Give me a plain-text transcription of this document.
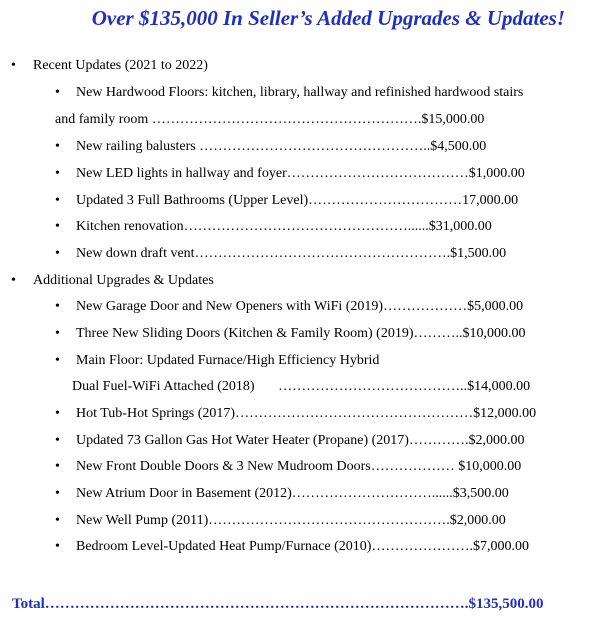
Over $135,000 In Seller’s Added Upgrades & Updates!
• Recent Updates (2021 to 2022)
• New Hardwood Floors: kitchen, library, hallway and refinished hardwood stairs
and family room ………………………………………………….$15,000.00
• New railing balusters …………………………………………..$4,500.00
• New LED lights in hallway and foyer…………………………………$1,000.00
• Updated 3 Full Bathrooms (Upper Level)……………………………17,000.00
• Kitchen renovation…………………………………………......$31,000.00
• New down draft vent……………………………………………….$1,500.00
• Additional Upgrades & Updates
• New Garage Door and New Openers with WiFi (2019)………………$5,000.00
• Three New Sliding Doors (Kitchen & Family Room) (2019)………..$10,000.00
• Main Floor: Updated Furnace/High Efficiency Hybrid
Dual Fuel-WiFi Attached (2018) …………………………………..$14,000.00
• Hot Tub-Hot Springs (2017)……………………………………………$12,000.00
• Updated 73 Gallon Gas Hot Water Heater (Propane) (2017)………….$2,000.00
• New Front Double Doors & 3 New Mudroom Doors……………… $10,000.00
• New Atrium Door in Basement (2012)…………………………......$3,500.00
• New Well Pump (2011)…………………………………………….$2,000.00
• Bedroom Level-Updated Heat Pump/Furnace (2010)………………….$7,000.00
Total………………………………………………………………………….$135,500.00
